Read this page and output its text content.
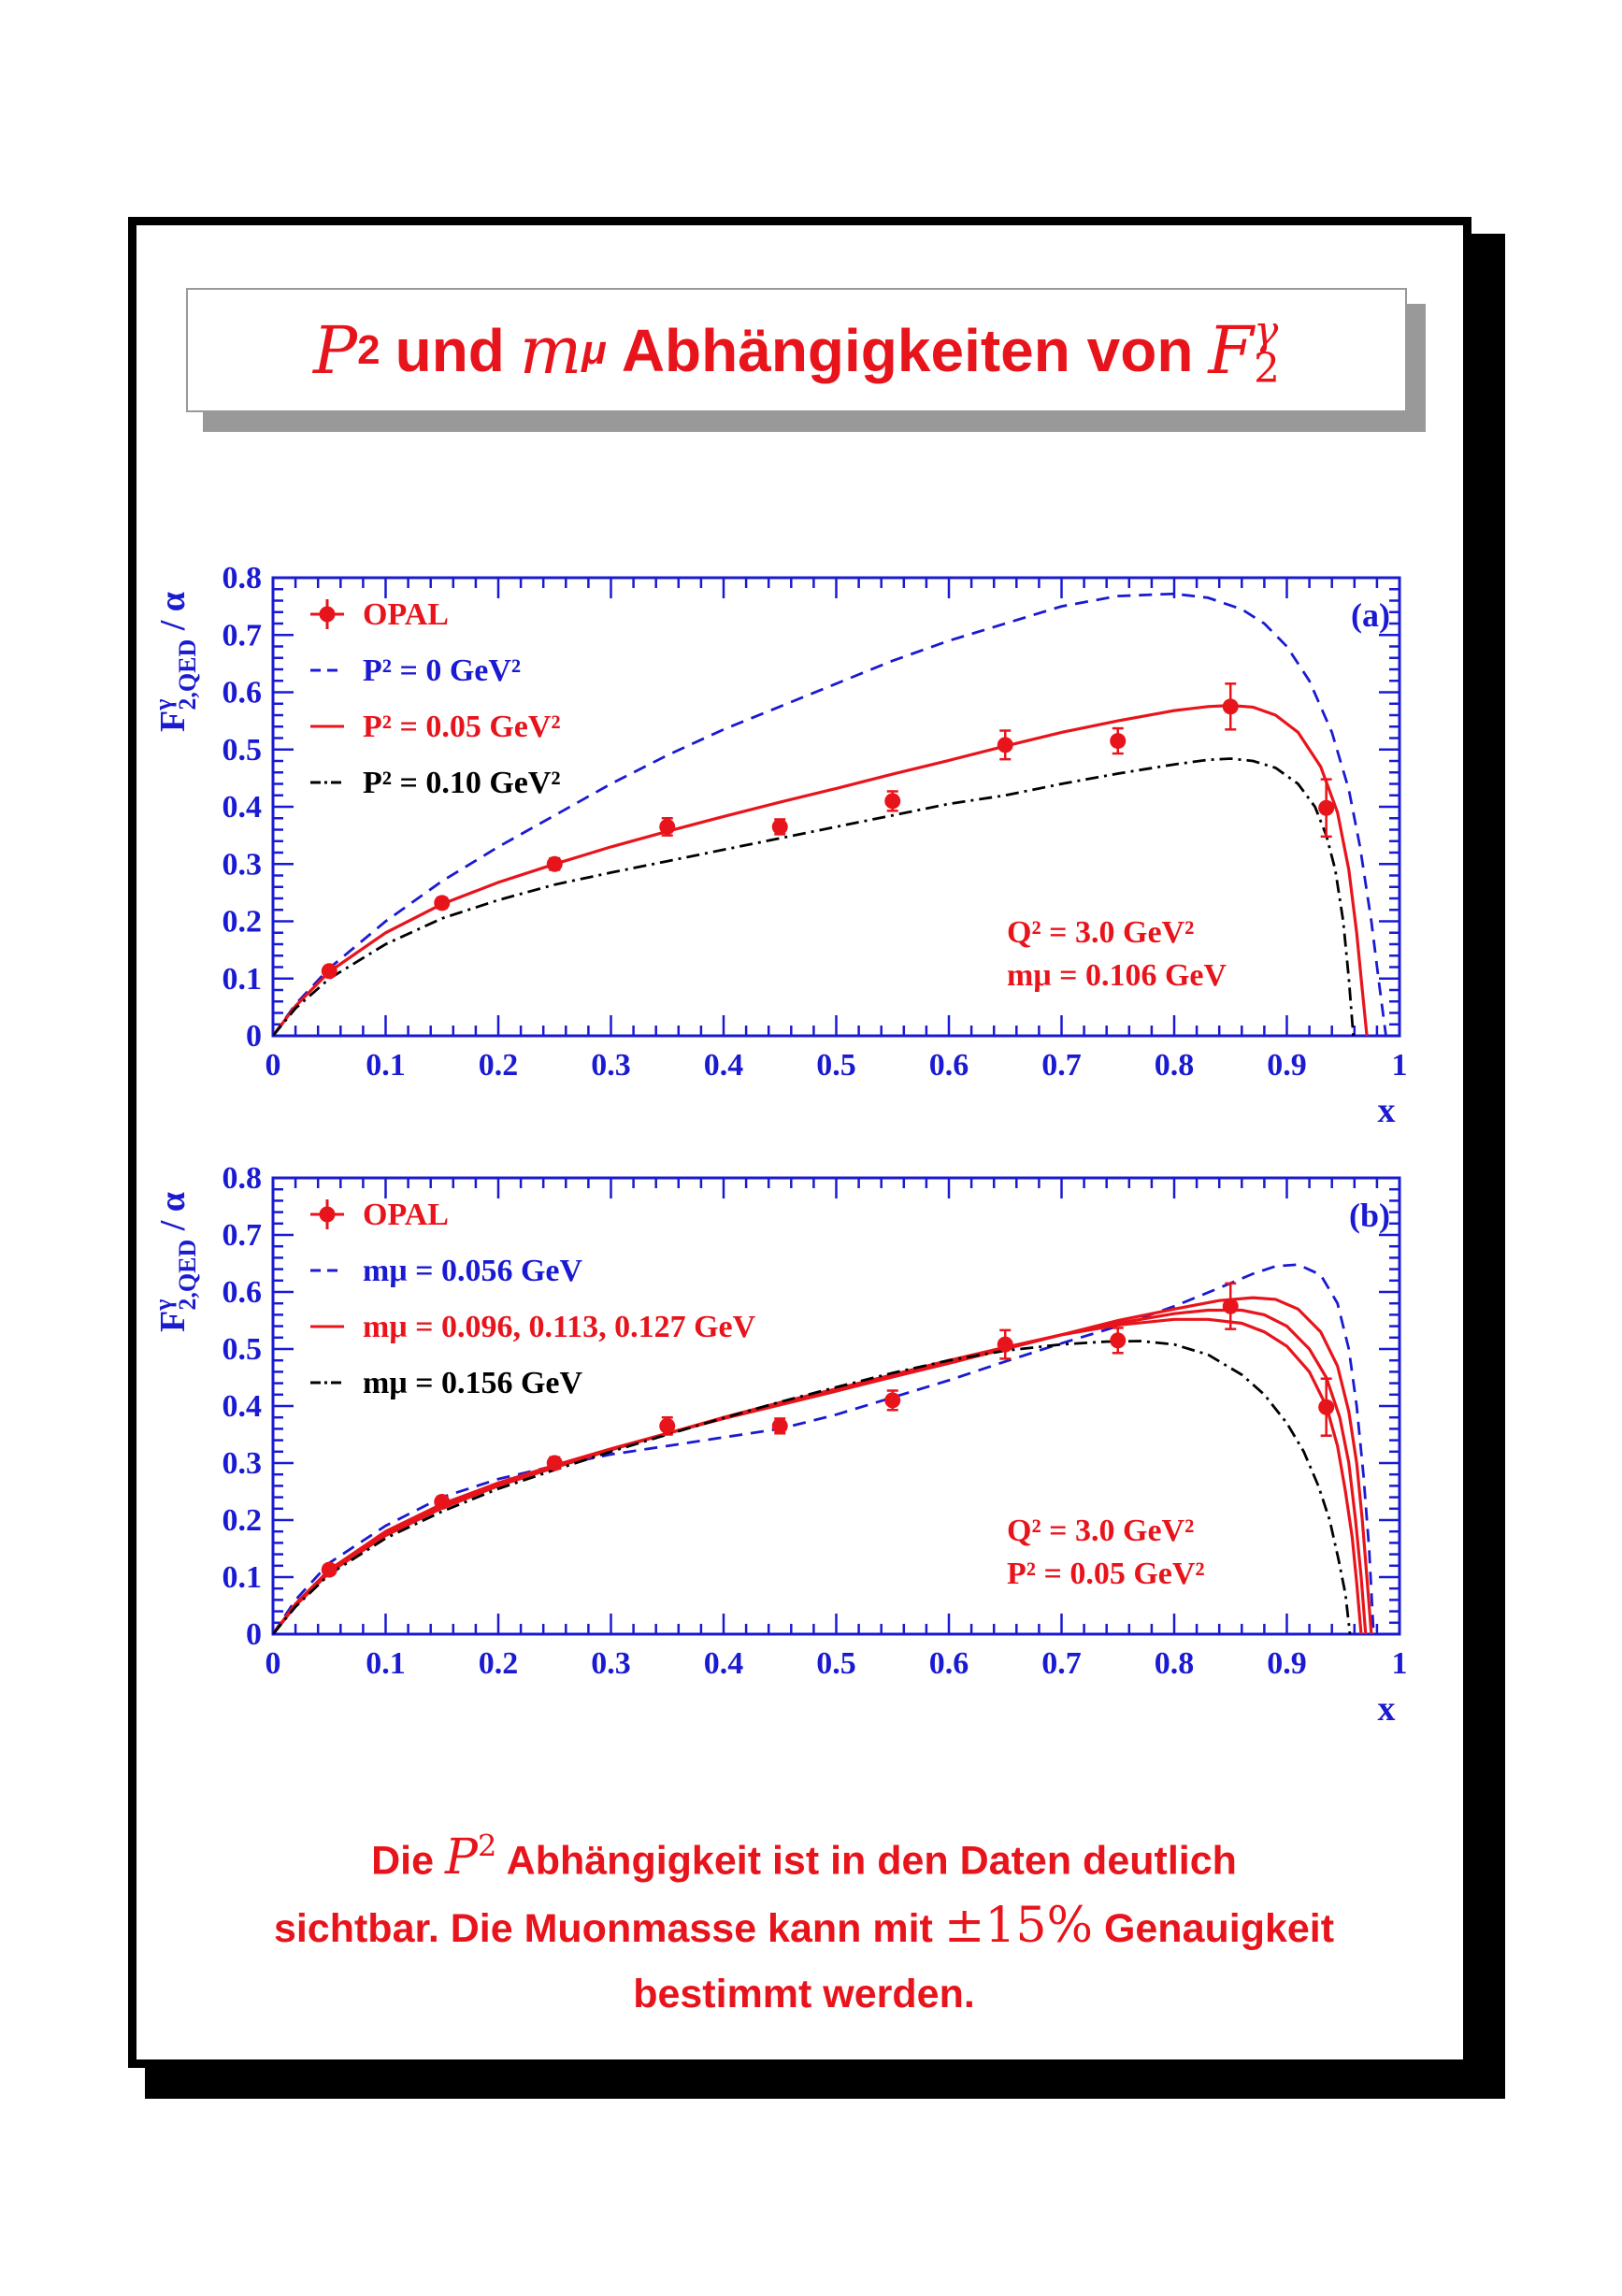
P 2 und m μ Abhängigkeiten von F γ
2
0	0.1 0.2 0.3 0.4 0.5 0.6 0.7 0.8 0.9	1
0
0.1
0.2
0.3
0.4
0.5
0.6
0.7
0.8
x
$F^\gamma 2,QED$ / α	OPAL
P² = 0 GeV²
P² = 0.05 GeV²
P² = 0.10 GeV²
(a)
Q² = 3.0 GeV²
mμ = 0.106 GeV
0	0.1 0.2 0.3 0.4 0.5 0.6 0.7 0.8 0.9	1
0
0.1
0.2
0.3
0.4
0.5
0.6
0.7
0.8
x
$F^\gamma 2,QED$ / α	OPAL
mμ = 0.056 GeV
mμ = 0.096, 0.113, 0.127 GeV
mμ = 0.156 GeV
(b)
Q² = 3.0 GeV²
P² = 0.05 GeV²
Die $P^2$ Abhängigkeit ist in den Daten deutlich
sichtbar. Die Muonmasse kann mit ±15% Genauigkeit
bestimmt werden.
